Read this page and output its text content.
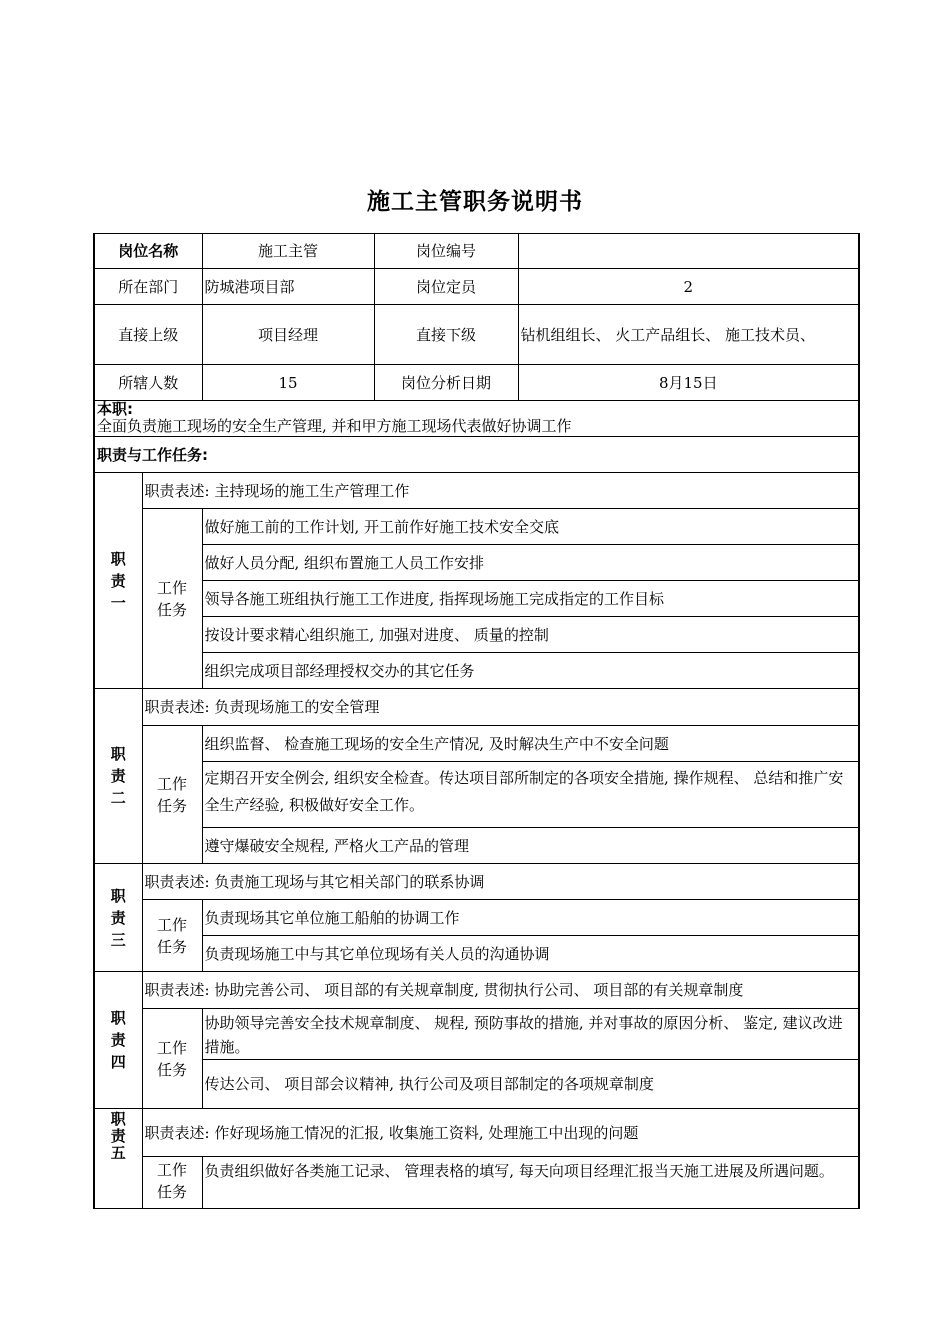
施工主管职务说明书
岗位名称		施工主管	岗位编号	
所在部门		防城港项目部	岗位定员	2
直接上级		项目经理	直接下级	钻机组组长、 火工产品组长、 施工技术员、
所辖人数		15	岗位分析日期	8月15日

本职:
全面负责施工现场的安全生产管理, 并和甲方施工现场代表做好协调工作				

职责与工作任务:				

职
责
一	职责表述: 主持现场的施工生产管理工作			

	工作
任务	做好施工前的工作计划, 开工前作好施工技术安全交底		
		做好人员分配, 组织布置施工人员工作安排		
		领导各施工班组执行施工工作进度, 指挥现场施工完成指定的工作目标		
		按设计要求精心组织施工, 加强对进度、 质量的控制		
		组织完成项目部经理授权交办的其它任务		

职
责
二	职责表述: 负责现场施工的安全管理			

	工作
任务	组织监督、 检查施工现场的安全生产情况, 及时解决生产中不安全问题		
		定期召开安全例会, 组织安全检查。传达项目部所制定的各项安全措施, 操作规程、 总结和推广安全生产经验, 积极做好安全工作。		
		遵守爆破安全规程, 严格火工产品的管理		

职
责
三	职责表述: 负责施工现场与其它相关部门的联系协调			

	工作
任务	负责现场其它单位施工船舶的协调工作		
		负责现场施工中与其它单位现场有关人员的沟通协调		

职
责
四	职责表述: 协助完善公司、 项目部的有关规章制度, 贯彻执行公司、 项目部的有关规章制度			

	工作
任务	协助领导完善安全技术规章制度、 规程, 预防事故的措施, 并对事故的原因分析、 鉴定, 建议改进措施。		
		传达公司、 项目部会议精神, 执行公司及项目部制定的各项规章制度		

职
责
五	职责表述: 作好现场施工情况的汇报, 收集施工资料, 处理施工中出现的问题			

	工作
任务	负责组织做好各类施工记录、 管理表格的填写, 每天向项目经理汇报当天施工进展及所遇问题。		
